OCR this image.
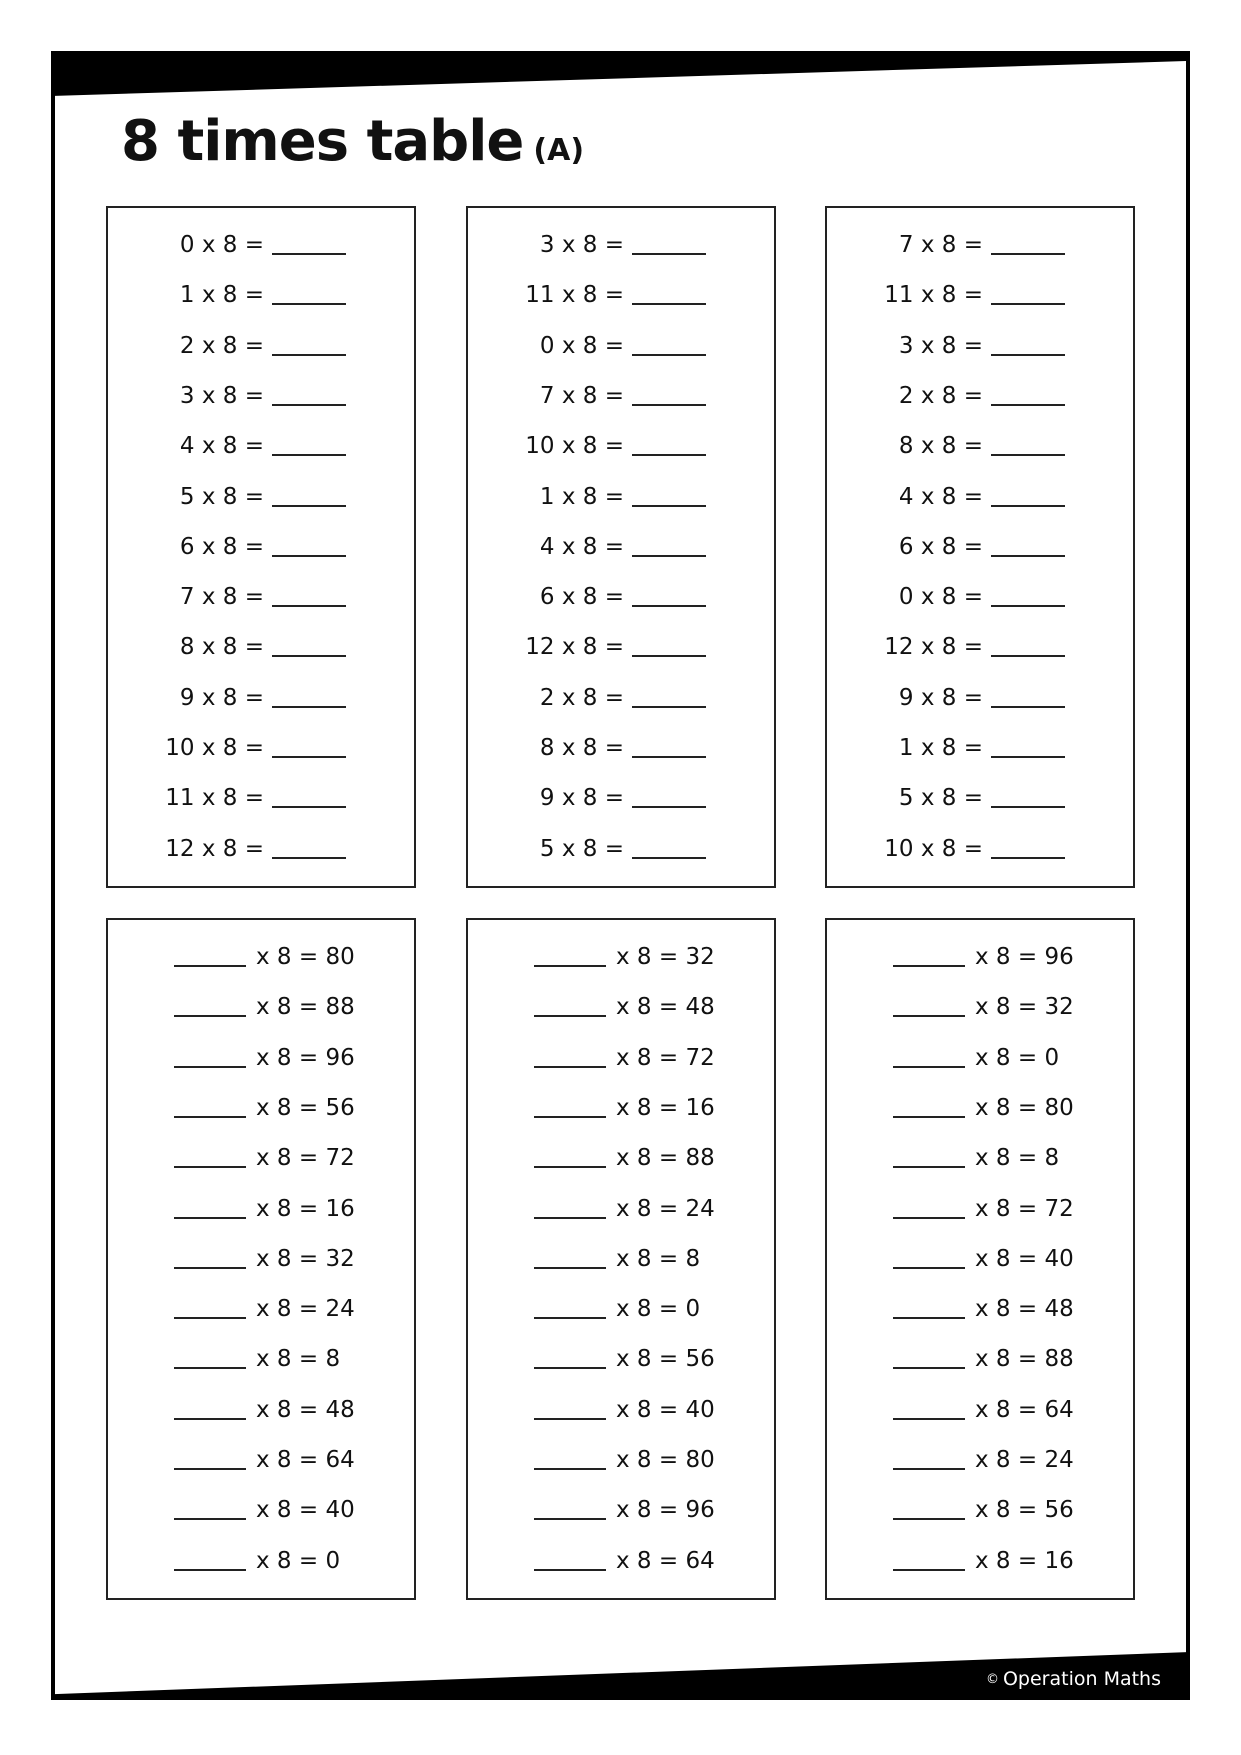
8 times table (A)
0 x 8 =
1 x 8 =
2 x 8 =
3 x 8 =
4 x 8 =
5 x 8 =
6 x 8 =
7 x 8 =
8 x 8 =
9 x 8 =
10 x 8 =
11 x 8 =
12 x 8 =
3 x 8 =
11 x 8 =
0 x 8 =
7 x 8 =
10 x 8 =
1 x 8 =
4 x 8 =
6 x 8 =
12 x 8 =
2 x 8 =
8 x 8 =
9 x 8 =
5 x 8 =
7 x 8 =
11 x 8 =
3 x 8 =
2 x 8 =
8 x 8 =
4 x 8 =
6 x 8 =
0 x 8 =
12 x 8 =
9 x 8 =
1 x 8 =
5 x 8 =
10 x 8 =
x 8 = 80
x 8 = 88
x 8 = 96
x 8 = 56
x 8 = 72
x 8 = 16
x 8 = 32
x 8 = 24
x 8 = 8
x 8 = 48
x 8 = 64
x 8 = 40
x 8 = 0
x 8 = 32
x 8 = 48
x 8 = 72
x 8 = 16
x 8 = 88
x 8 = 24
x 8 = 8
x 8 = 0
x 8 = 56
x 8 = 40
x 8 = 80
x 8 = 96
x 8 = 64
x 8 = 96
x 8 = 32
x 8 = 0
x 8 = 80
x 8 = 8
x 8 = 72
x 8 = 40
x 8 = 48
x 8 = 88
x 8 = 64
x 8 = 24
x 8 = 56
x 8 = 16
© Operation Maths
